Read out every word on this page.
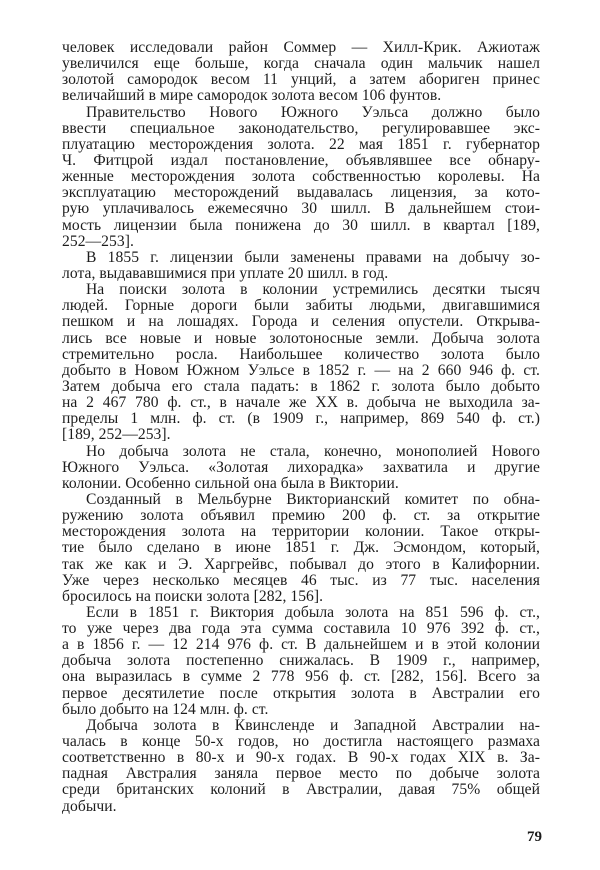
человек исследовали район Соммер — Хилл-Крик. Ажиотаж
увеличился еще больше, когда сначала один мальчик нашел
золотой самородок весом 11 унций, а затем абориген принес
величайший в мире самородок золота весом 106 фунтов.
Правительство Нового Южного Уэльса должно было
ввести специальное законодательство, регулировавшее экс-
плуатацию месторождения золота. 22 мая 1851 г. губернатор
Ч. Фитцрой издал постановление, объявлявшее все обнару-
женные месторождения золота собственностью королевы. На
эксплуатацию месторождений выдавалась лицензия, за кото-
рую уплачивалось ежемесячно 30 шилл. В дальнейшем стои-
мость лицензии была понижена до 30 шилл. в квартал [189,
252—253].
В 1855 г. лицензии были заменены правами на добычу зо-
лота, выдававшимися при уплате 20 шилл. в год.
На поиски золота в колонии устремились десятки тысяч
людей. Горные дороги были забиты людьми, двигавшимися
пешком и на лошадях. Города и селения опустели. Открыва-
лись все новые и новые золотоносные земли. Добыча золота
стремительно росла. Наибольшее количество золота было
добыто в Новом Южном Уэльсе в 1852 г. — на 2 660 946 ф. ст.
Затем добыча его стала падать: в 1862 г. золота было добыто
на 2 467 780 ф. ст., в начале же XX в. добыча не выходила за-
пределы 1 млн. ф. ст. (в 1909 г., например, 869 540 ф. ст.)
[189, 252—253].
Но добыча золота не стала, конечно, монополией Нового
Южного Уэльса. «Золотая лихорадка» захватила и другие
колонии. Особенно сильной она была в Виктории.
Созданный в Мельбурне Викторианский комитет по обна-
ружению золота объявил премию 200 ф. ст. за открытие
месторождения золота на территории колонии. Такое откры-
тие было сделано в июне 1851 г. Дж. Эсмондом, который,
так же как и Э. Харгрейвс, побывал до этого в Калифорнии.
Уже через несколько месяцев 46 тыс. из 77 тыс. населения
бросилось на поиски золота [282, 156].
Если в 1851 г. Виктория добыла золота на 851 596 ф. ст.,
то уже через два года эта сумма составила 10 976 392 ф. ст.,
а в 1856 г. — 12 214 976 ф. ст. В дальнейшем и в этой колонии
добыча золота постепенно снижалась. В 1909 г., например,
она выразилась в сумме 2 778 956 ф. ст. [282, 156]. Всего за
первое десятилетие после открытия золота в Австралии его
было добыто на 124 млн. ф. ст.
Добыча золота в Квинсленде и Западной Австралии на-
чалась в конце 50-х годов, но достигла настоящего размаха
соответственно в 80-х и 90-х годах. В 90-х годах XIX в. За-
падная Австралия заняла первое место по добыче золота
среди британских колоний в Австралии, давая 75% общей
добычи.
79
